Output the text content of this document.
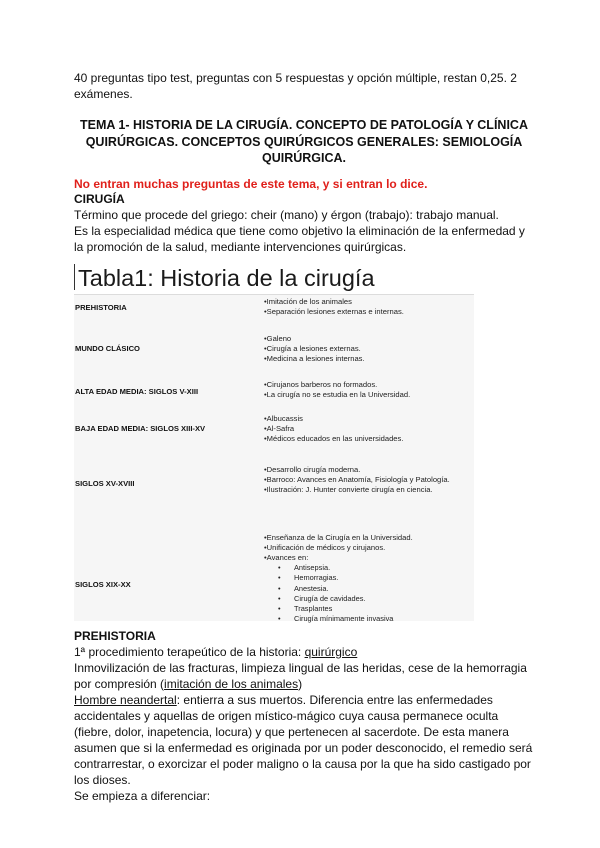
40 preguntas tipo test, preguntas con 5 respuestas y opción múltiple, restan 0,25. 2 exámenes.

TEMA 1- HISTORIA DE LA CIRUGÍA. CONCEPTO DE PATOLOGÍA Y CLÍNICA QUIRÚRGICAS. CONCEPTOS QUIRÚRGICOS GENERALES: SEMIOLOGÍA QUIRÚRGICA.

No entran muchas preguntas de este tema, y si entran lo dice.

CIRUGÍA

Término que procede del griego: cheir (mano) y érgon (trabajo): trabajo manual.

Es la especialidad médica que tiene como objetivo la eliminación de la enfermedad y la promoción de la salud, mediante intervenciones quirúrgicas.

Tabla1: Historia de la cirugía
PREHISTORIA
•Imitación de los animales
•Separación lesiones externas e internas.
MUNDO CLÁSICO
•Galeno
•Cirugía a lesiones externas.
•Medicina a lesiones internas.
ALTA EDAD MEDIA: SIGLOS V-XIII
•Cirujanos barberos no formados.
•La cirugía no se estudia en la Universidad.
BAJA EDAD MEDIA: SIGLOS XIII-XV
•Albucassis
•Al-Safra
•Médicos educados en las universidades.
SIGLOS XV-XVIII
•Desarrollo cirugía moderna.
•Barroco: Avances en Anatomía, Fisiología y Patología.
•Ilustración: J. Hunter convierte cirugía en ciencia.
SIGLOS XIX-XX
•Enseñanza de la Cirugía en la Universidad.
•Unificación de médicos y cirujanos.
•Avances en:
• Antisepsia.
• Hemorragias.
• Anestesia.
• Cirugía de cavidades.
• Trasplantes
• Cirugía mínimamente invasiva

PREHISTORIA

1ª procedimiento terapeútico de la historia: quirúrgico

Inmovilización de las fracturas, limpieza lingual de las heridas, cese de la hemorragia por compresión (imitación de los animales)

Hombre neandertal: entierra a sus muertos. Diferencia entre las enfermedades accidentales y aquellas de origen místico-mágico cuya causa permanece oculta (fiebre, dolor, inapetencia, locura) y que pertenecen al sacerdote. De esta manera asumen que si la enfermedad es originada por un poder desconocido, el remedio será contrarrestar, o exorcizar el poder maligno o la causa por la que ha sido castigado por los dioses.

Se empieza a diferenciar:
